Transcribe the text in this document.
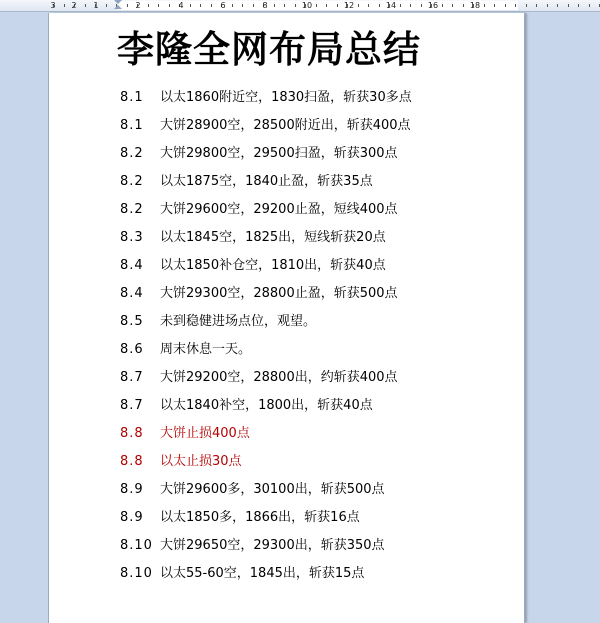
3 2 1	2	4	6	8	10	12	14	16	18
李隆全网布局总结
8.1 以太1860附近空，1830扫盈，斩获30多点
8.1 大饼28900空，28500附近出，斩获400点
8.2 大饼29800空，29500扫盈，斩获300点
8.2 以太1875空，1840止盈，斩获35点
8.2 大饼29600空，29200止盈，短线400点
8.3 以太1845空，1825出，短线斩获20点
8.4 以太1850补仓空，1810出，斩获40点
8.4 大饼29300空，28800止盈，斩获500点
8.5 未到稳健进场点位，观望。
8.6 周末休息一天。
8.7 大饼29200空，28800出，约斩获400点
8.7 以太1840补空，1800出，斩获40点
8.8 大饼止损400点
8.8 以太止损30点
8.9 大饼29600多，30100出，斩获500点
8.9 以太1850多，1866出，斩获16点
8.10 大饼29650空，29300出，斩获350点
8.10 以太55-60空，1845出，斩获15点
